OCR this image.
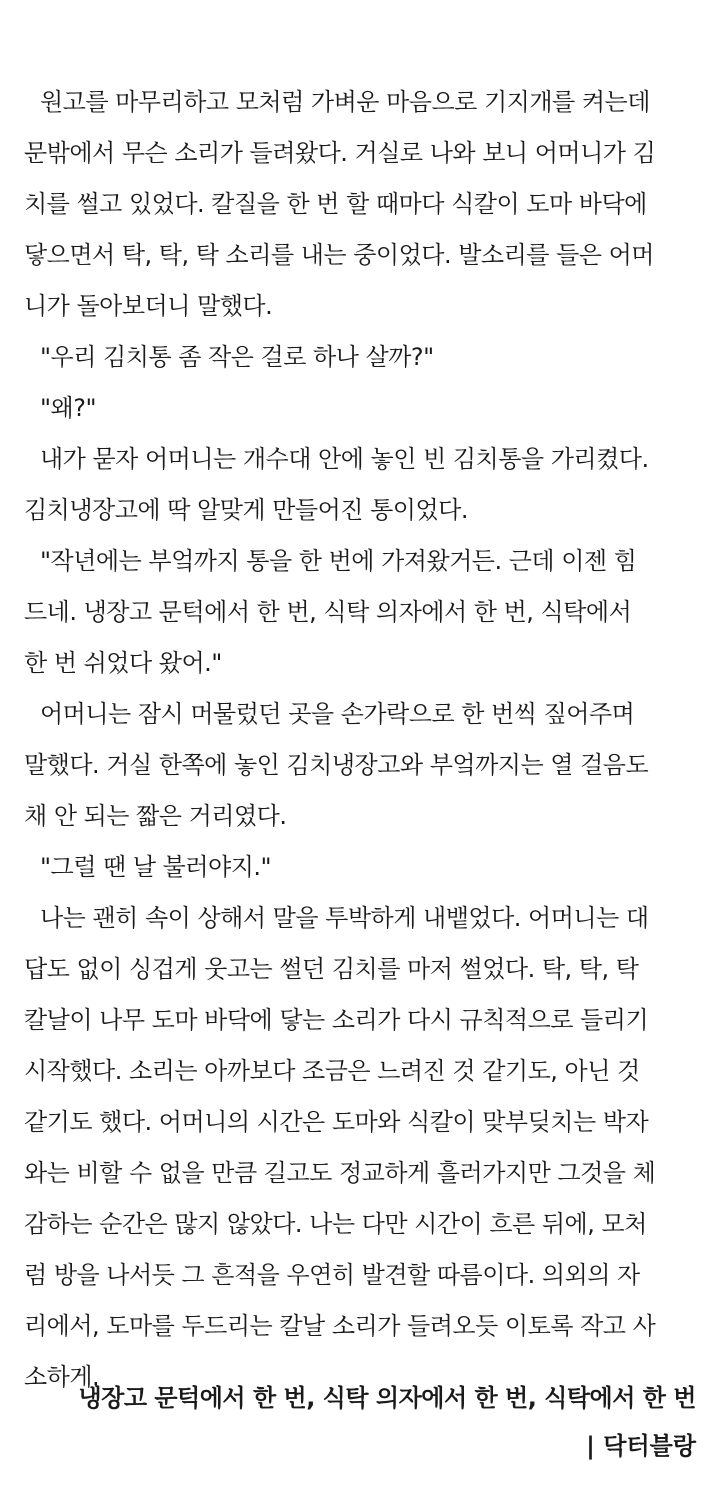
원고를 마무리하고 모처럼 가벼운 마음으로 기지개를 켜는데
문밖에서 무슨 소리가 들려왔다. 거실로 나와 보니 어머니가 김
치를 썰고 있었다. 칼질을 한 번 할 때마다 식칼이 도마 바닥에
닿으면서 탁, 탁, 탁 소리를 내는 중이었다. 발소리를 들은 어머
니가 돌아보더니 말했다.
"우리 김치통 좀 작은 걸로 하나 살까?"
"왜?"
내가 묻자 어머니는 개수대 안에 놓인 빈 김치통을 가리켰다.
김치냉장고에 딱 알맞게 만들어진 통이었다.
"작년에는 부엌까지 통을 한 번에 가져왔거든. 근데 이젠 힘
드네. 냉장고 문턱에서 한 번, 식탁 의자에서 한 번, 식탁에서
한 번 쉬었다 왔어."
어머니는 잠시 머물렀던 곳을 손가락으로 한 번씩 짚어주며
말했다. 거실 한쪽에 놓인 김치냉장고와 부엌까지는 열 걸음도
채 안 되는 짧은 거리였다.
"그럴 땐 날 불러야지."
나는 괜히 속이 상해서 말을 투박하게 내뱉었다. 어머니는 대
답도 없이 싱겁게 웃고는 썰던 김치를 마저 썰었다. 탁, 탁, 탁
칼날이 나무 도마 바닥에 닿는 소리가 다시 규칙적으로 들리기
시작했다. 소리는 아까보다 조금은 느려진 것 같기도, 아닌 것
같기도 했다. 어머니의 시간은 도마와 식칼이 맞부딪치는 박자
와는 비할 수 없을 만큼 길고도 정교하게 흘러가지만 그것을 체
감하는 순간은 많지 않았다. 나는 다만 시간이 흐른 뒤에, 모처
럼 방을 나서듯 그 흔적을 우연히 발견할 따름이다. 의외의 자
리에서, 도마를 두드리는 칼날 소리가 들려오듯 이토록 작고 사
소하게.
냉장고 문턱에서 한 번, 식탁 의자에서 한 번, 식탁에서 한 번
| 닥터블랑
